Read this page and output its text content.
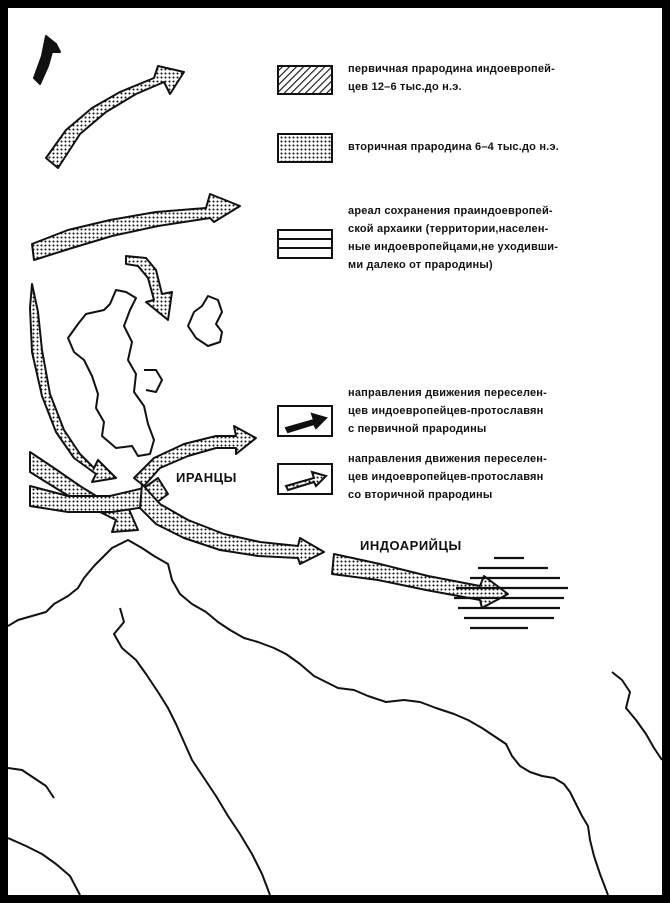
первичная прародина индоевропей-
цев 12–6 тыс.до н.э.
вторичная прародина 6–4 тыс.до н.э.
ареал сохранения праиндоевропей-
ской архаики (территории,населен-
ные индоевропейцами,не уходивши-
ми далеко от прародины)
направления движения переселен-
цев индоевропейцев-протославян
с первичной прародины
направления движения переселен-
цев индоевропейцев-протославян
со вторичной прародины
ИРАНЦЫ
ИНДОАРИЙЦЫ
